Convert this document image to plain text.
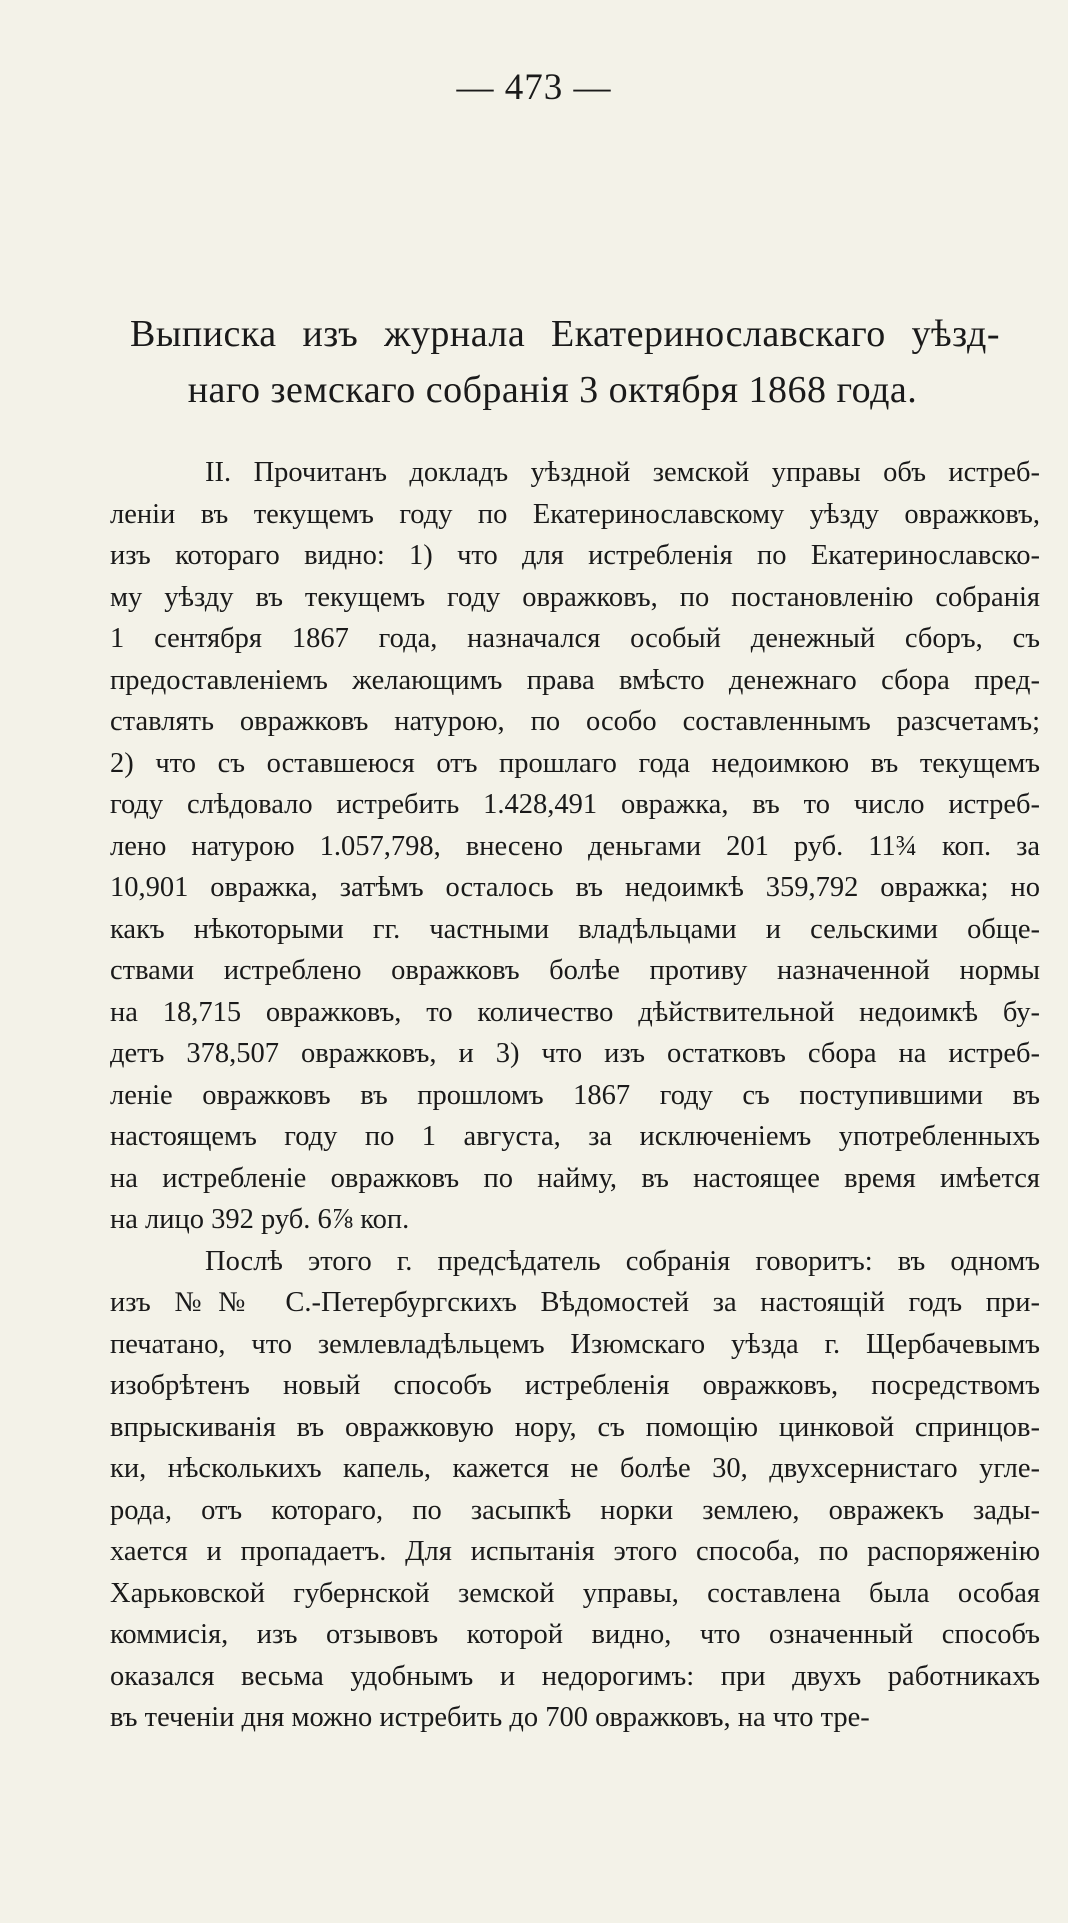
— 473 —
Выписка изъ журнала Екатеринославскаго уѣзд-
наго земскаго собранія 3 октября 1868 года.
II. Прочитанъ докладъ уѣздной земской управы объ истреб-
леніи въ текущемъ году по Екатеринославскому уѣзду овражковъ,
изъ котораго видно: 1) что для истребленія по Екатеринославско-
му уѣзду въ текущемъ году овражковъ, по постановленію собранія
1 сентября 1867 года, назначался особый денежный сборъ, съ
предоставленіемъ желающимъ права вмѣсто денежнаго сбора пред-
ставлять овражковъ натурою, по особо составленнымъ разсчетамъ;
2) что съ оставшеюся отъ прошлаго года недоимкою въ текущемъ
году слѣдовало истребить 1.428,491 овражка, въ то число истреб-
лено натурою 1.057,798, внесено деньгами 201 руб. 11¾ коп. за
10,901 овражка, затѣмъ осталось въ недоимкѣ 359,792 овражка; но
какъ нѣкоторыми гг. частными владѣльцами и сельскими обще-
ствами истреблено овражковъ болѣе противу назначенной нормы
на 18,715 овражковъ, то количество дѣйствительной недоимкѣ бу-
детъ 378,507 овражковъ, и 3) что изъ остатковъ сбора на истреб-
леніе овражковъ въ прошломъ 1867 году съ поступившими въ
настоящемъ году по 1 августа, за исключеніемъ употребленныхъ
на истребленіе овражковъ по найму, въ настоящее время имѣется
на лицо 392 руб. 6⅞ коп.
Послѣ этого г. предсѣдатель собранія говоритъ: въ одномъ
изъ №№ С.-Петербургскихъ Вѣдомостей за настоящій годъ при-
печатано, что землевладѣльцемъ Изюмскаго уѣзда г. Щербачевымъ
изобрѣтенъ новый способъ истребленія овражковъ, посредствомъ
впрыскиванія въ овражковую нору, съ помощію цинковой спринцов-
ки, нѣсколькихъ капель, кажется не болѣе 30, двухсернистаго угле-
рода, отъ котораго, по засыпкѣ норки землею, овражекъ зады-
хается и пропадаетъ. Для испытанія этого способа, по распоряженію
Харьковской губернской земской управы, составлена была особая
коммисія, изъ отзывовъ которой видно, что означенный способъ
оказался весьма удобнымъ и недорогимъ: при двухъ работникахъ
въ теченіи дня можно истребить до 700 овражковъ, на что тре-
